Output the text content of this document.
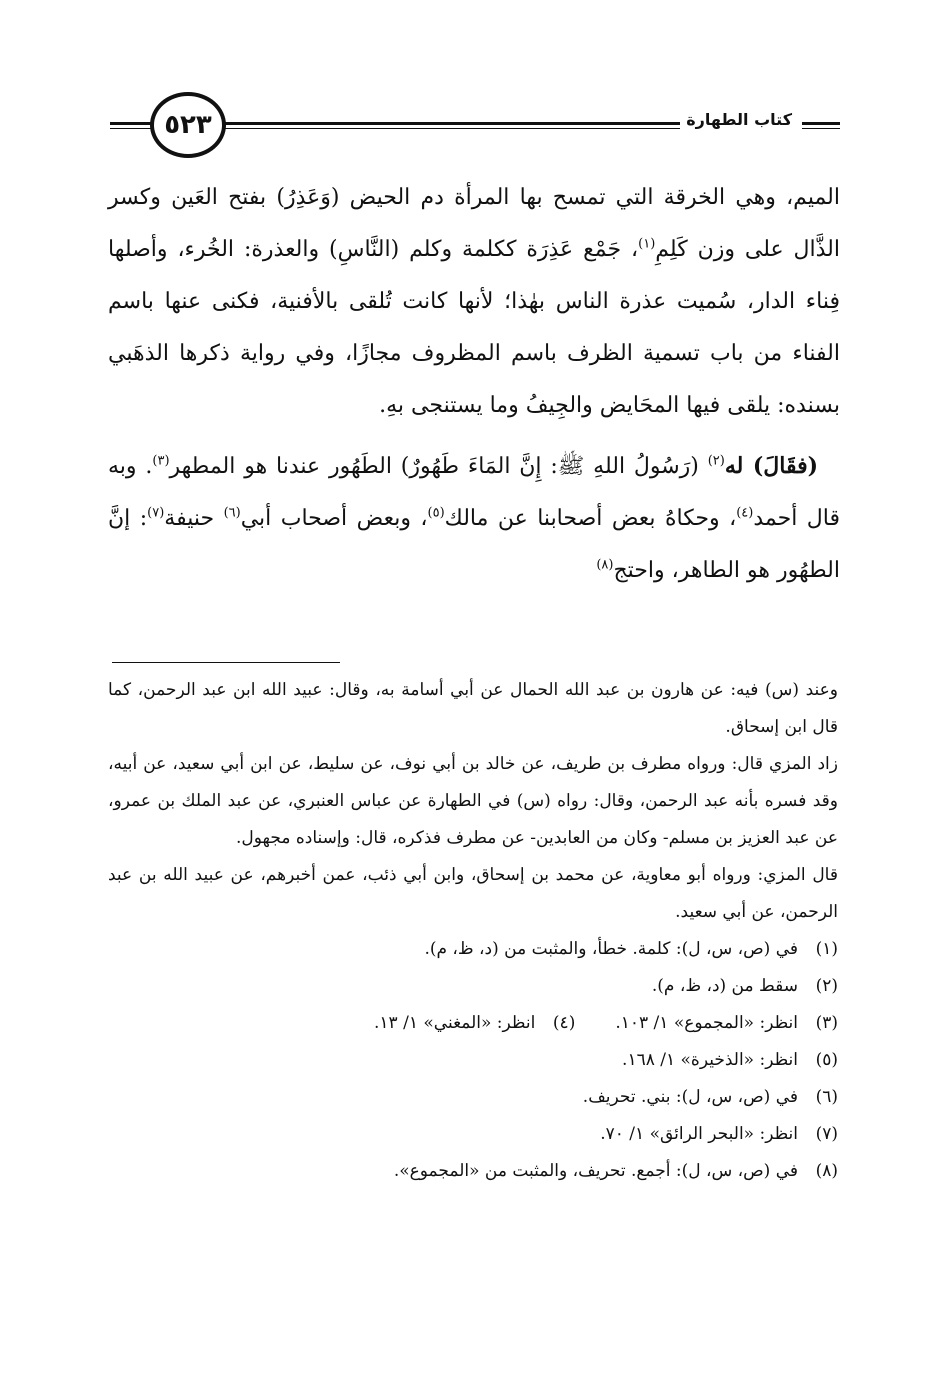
٥٢٣	كتاب الطهارة

الميم، وهي الخرقة التي تمسح بها المرأة دم الحيض (وَعَذِرُ) بفتح العَين وكسر الذَّال على وزن كَلِمِ$^{(١)}$، جَمْع عَذِرَة ككلمة وكلم (النَّاسِ) والعذرة: الخُرء، وأصلها فِناء الدار، سُميت عذرة الناس بهٰذا؛ لأنها كانت تُلقى بالأفنية، فكنى عنها باسم الفناء من باب تسمية الظرف باسم المظروف مجازًا، وفي رواية ذكرها الذهَبي بسنده: يلقى فيها المحَايض والجِيفُ وما يستنجى بهِ.

(فقَالَ) له$^{(٢)}$ (رَسُولُ اللهِ ﷺ: إِنَّ المَاءَ طَهُورٌ) الطَهُور عندنا هو المطهر$^{(٣)}$. وبه قال أحمد$^{(٤)}$، وحكاهُ بعض أصحابنا عن مالك$^{(٥)}$، وبعض أصحاب أبي$^{(٦)}$ حنيفة$^{(٧)}$: إنَّ الطهُور هو الطاهر، واحتج$^{(٨)}$

وعند (س) فيه: عن هارون بن عبد الله الحمال عن أبي أسامة به، وقال: عبيد الله ابن عبد الرحمن، كما قال ابن إسحاق.

زاد المزي قال: ورواه مطرف بن طريف، عن خالد بن أبي نوف، عن سليط، عن ابن أبي سعيد، عن أبيه، وقد فسره بأنه عبد الرحمن، وقال: رواه (س) في الطهارة عن عباس العنبري، عن عبد الملك بن عمرو، عن عبد العزيز بن مسلم- وكان من العابدين- عن مطرف فذكره، قال: وإسناده مجهول.

قال المزي: ورواه أبو معاوية، عن محمد بن إسحاق، وابن أبي ذئب، عمن أخبرهم، عن عبيد الله بن عبد الرحمن، عن أبي سعيد.

(١)
في (ص، س، ل): كلمة. خطأ، والمثبت من (د، ظ، م).
(٢)
سقط من (د، ظ، م).
(٣)
انظر: «المجموع» ١/ ١٠٣.
(٤)
انظر: «المغني» ١/ ١٣.
(٥)
انظر: «الذخيرة» ١/ ١٦٨.
(٦)
في (ص، س، ل): بني. تحريف.
(٧)
انظر: «البحر الرائق» ١/ ٧٠.
(٨)
في (ص، س، ل): أجمع. تحريف، والمثبت من «المجموع».
